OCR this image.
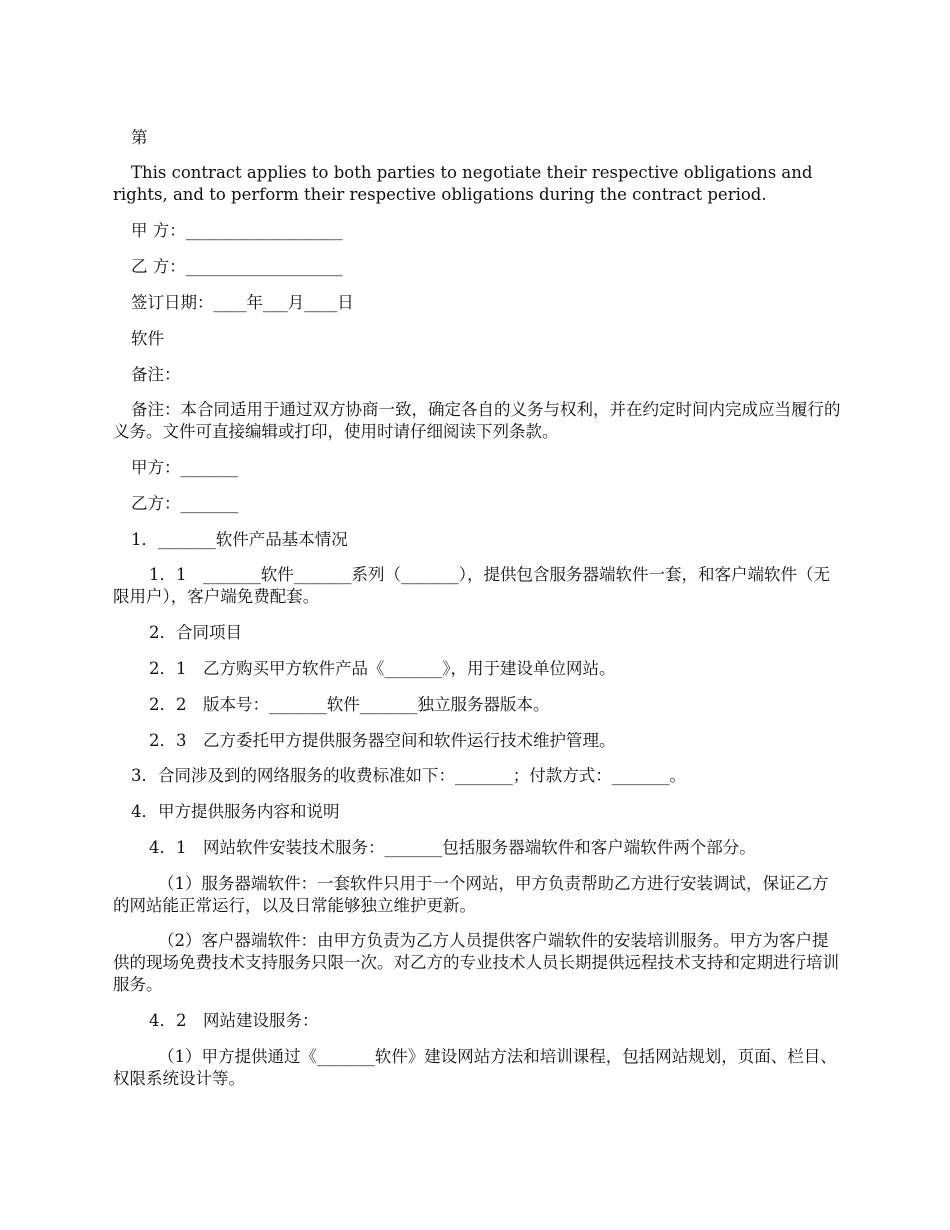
第
This contract applies to both parties to negotiate their respective obligations and rights, and to perform their respective obligations during the contract period.
甲 方：___________________
乙 方：___________________
签订日期：____年___月____日
软件
备注：
备注：本合同适用于通过双方协商一致，确定各自的义务与权利，并在约定时间内完成应当履行的义务。文件可直接编辑或打印，使用时请仔细阅读下列条款。
甲方：_______
乙方：_______
1．_______软件产品基本情况
1．1　_______软件_______系列（_______），提供包含服务器端软件一套，和客户端软件（无限用户），客户端免费配套。
2．合同项目
2．1　乙方购买甲方软件产品《_______》，用于建设单位网站。
2．2　版本号：_______软件_______独立服务器版本。
2．3　乙方委托甲方提供服务器空间和软件运行技术维护管理。
3．合同涉及到的网络服务的收费标准如下：_______；付款方式：_______。
4．甲方提供服务内容和说明
4．1　网站软件安装技术服务：_______包括服务器端软件和客户端软件两个部分。
（1）服务器端软件：一套软件只用于一个网站，甲方负责帮助乙方进行安装调试，保证乙方的网站能正常运行，以及日常能够独立维护更新。
（2）客户器端软件：由甲方负责为乙方人员提供客户端软件的安装培训服务。甲方为客户提供的现场免费技术支持服务只限一次。对乙方的专业技术人员长期提供远程技术支持和定期进行培训服务。
4．2　网站建设服务：
（1）甲方提供通过《_______软件》建设网站方法和培训课程，包括网站规划，页面、栏目、权限系统设计等。
